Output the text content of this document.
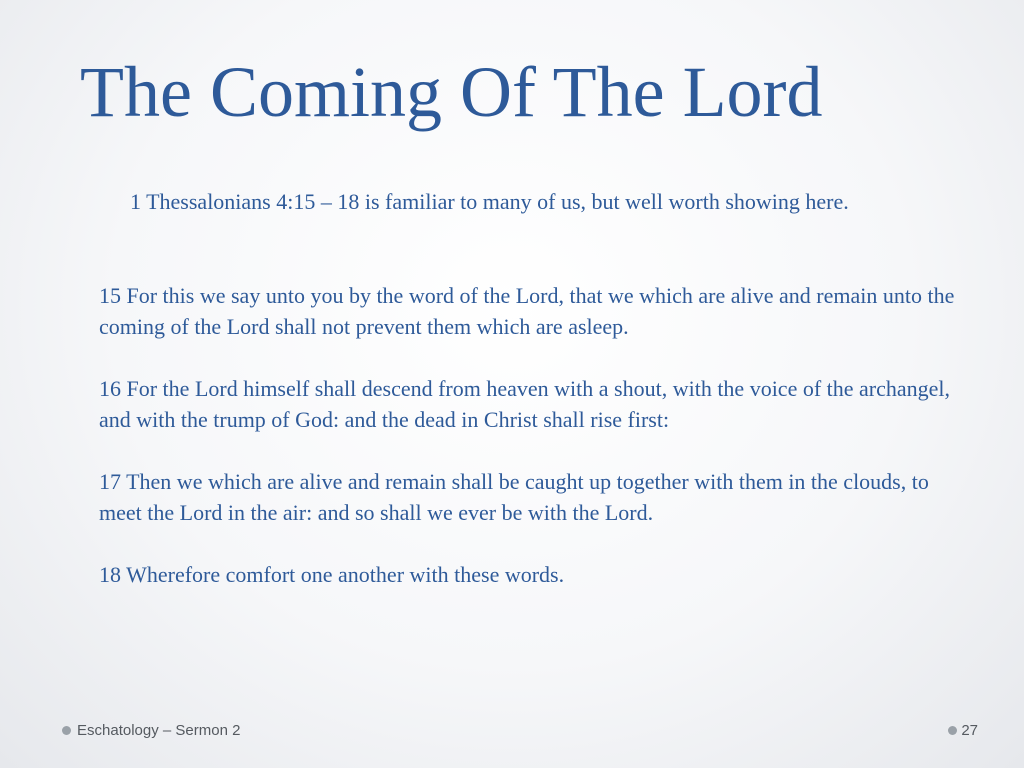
The Coming Of The Lord

1 Thessalonians 4:15 – 18 is familiar to many of us, but well worth showing here.

15 For this we say unto you by the word of the Lord, that we which are alive and remain unto the coming of the Lord shall not prevent them which are asleep.
16 For the Lord himself shall descend from heaven with a shout, with the voice of the archangel, and with the trump of God: and the dead in Christ shall rise first:
17 Then we which are alive and remain shall be caught up together with them in the clouds, to meet the Lord in the air: and so shall we ever be with the Lord.
18 Wherefore comfort one another with these words.
Eschatology – Sermon 2	27
